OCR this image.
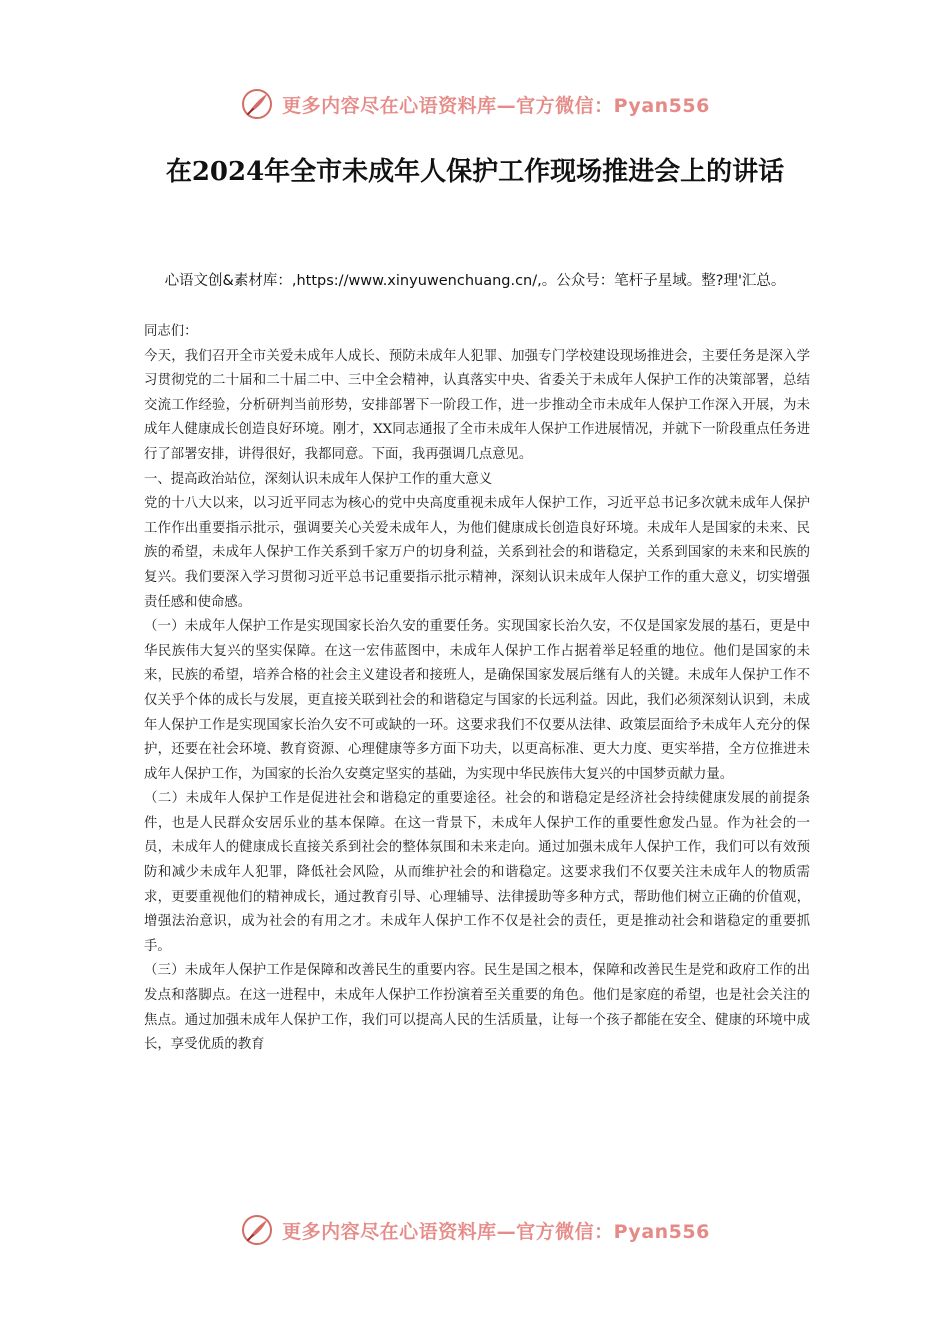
更多内容尽在心语资料库—官方微信：Pyan556
在2024年全市未成年人保护工作现场推进会上的讲话
心语文创&素材库：,https://www.xinyuwenchuang.cn/,。公众号：笔杆子星域。整?理'汇总。

同志们：

今天，我们召开全市关爱未成年人成长、预防未成年人犯罪、加强专门学校建设现场推进会，主要任务是深入学习贯彻党的二十届和二十届二中、三中全会精神，认真落实中央、省委关于未成年人保护工作的决策部署，总结交流工作经验，分析研判当前形势，安排部署下一阶段工作，进一步推动全市未成年人保护工作深入开展，为未成年人健康成长创造良好环境。刚才，XX同志通报了全市未成年人保护工作进展情况，并就下一阶段重点任务进行了部署安排，讲得很好，我都同意。下面，我再强调几点意见。

一、提高政治站位，深刻认识未成年人保护工作的重大意义

党的十八大以来，以习近平同志为核心的党中央高度重视未成年人保护工作，习近平总书记多次就未成年人保护工作作出重要指示批示，强调要关心关爱未成年人，为他们健康成长创造良好环境。未成年人是国家的未来、民族的希望，未成年人保护工作关系到千家万户的切身利益，关系到社会的和谐稳定，关系到国家的未来和民族的复兴。我们要深入学习贯彻习近平总书记重要指示批示精神，深刻认识未成年人保护工作的重大意义，切实增强责任感和使命感。

（一）未成年人保护工作是实现国家长治久安的重要任务。实现国家长治久安，不仅是国家发展的基石，更是中华民族伟大复兴的坚实保障。在这一宏伟蓝图中，未成年人保护工作占据着举足轻重的地位。他们是国家的未来，民族的希望，培养合格的社会主义建设者和接班人，是确保国家发展后继有人的关键。未成年人保护工作不仅关乎个体的成长与发展，更直接关联到社会的和谐稳定与国家的长远利益。因此，我们必须深刻认识到，未成年人保护工作是实现国家长治久安不可或缺的一环。这要求我们不仅要从法律、政策层面给予未成年人充分的保护，还要在社会环境、教育资源、心理健康等多方面下功夫，以更高标准、更大力度、更实举措，全方位推进未成年人保护工作，为国家的长治久安奠定坚实的基础，为实现中华民族伟大复兴的中国梦贡献力量。

（二）未成年人保护工作是促进社会和谐稳定的重要途径。社会的和谐稳定是经济社会持续健康发展的前提条件，也是人民群众安居乐业的基本保障。在这一背景下，未成年人保护工作的重要性愈发凸显。作为社会的一员，未成年人的健康成长直接关系到社会的整体氛围和未来走向。通过加强未成年人保护工作，我们可以有效预防和减少未成年人犯罪，降低社会风险，从而维护社会的和谐稳定。这要求我们不仅要关注未成年人的物质需求，更要重视他们的精神成长，通过教育引导、心理辅导、法律援助等多种方式，帮助他们树立正确的价值观，增强法治意识，成为社会的有用之才。未成年人保护工作不仅是社会的责任，更是推动社会和谐稳定的重要抓手。

（三）未成年人保护工作是保障和改善民生的重要内容。民生是国之根本，保障和改善民生是党和政府工作的出发点和落脚点。在这一进程中，未成年人保护工作扮演着至关重要的角色。他们是家庭的希望，也是社会关注的焦点。通过加强未成年人保护工作，我们可以提高人民的生活质量，让每一个孩子都能在安全、健康的环境中成长，享受优质的教育

更多内容尽在心语资料库—官方微信：Pyan556
